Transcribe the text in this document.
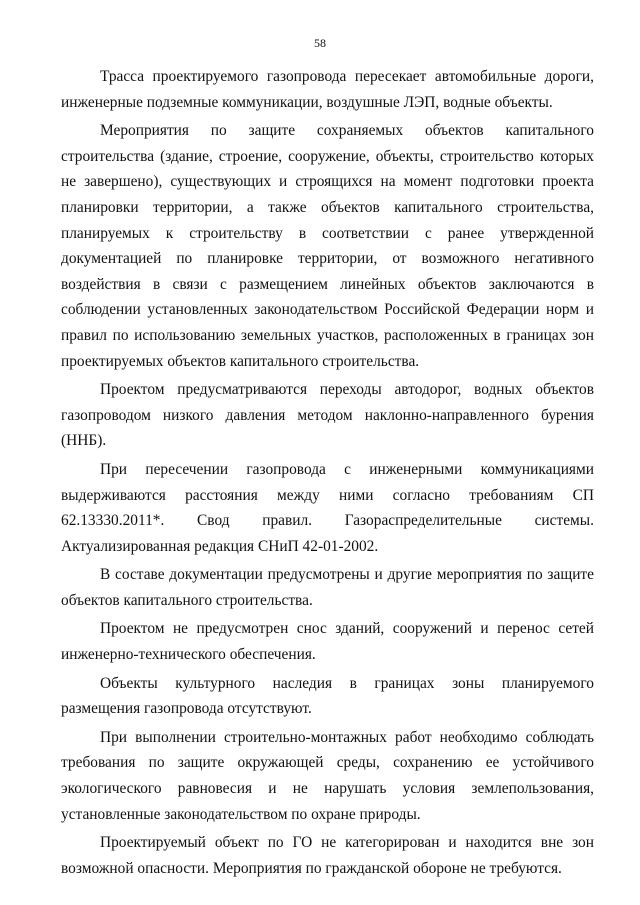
58

Трасса проектируемого газопровода пересекает автомобильные дороги, инженерные подземные коммуникации, воздушные ЛЭП, водные объекты.

Мероприятия по защите сохраняемых объектов капитального строительства (здание, строение, сооружение, объекты, строительство которых не завершено), существующих и строящихся на момент подготовки проекта планировки территории, а также объектов капитального строительства, планируемых к строительству в соответствии с ранее утвержденной документацией по планировке территории, от возможного негативного воздействия в связи с размещением линейных объектов заключаются в соблюдении установленных законодательством Российской Федерации норм и правил по использованию земельных участков, расположенных в границах зон проектируемых объектов капитального строительства.

Проектом предусматриваются переходы автодорог, водных объектов газопроводом низкого давления методом наклонно-направленного бурения (ННБ).

При пересечении газопровода с инженерными коммуникациями выдерживаются расстояния между ними согласно требованиям СП 62.13330.2011*. Свод правил. Газораспределительные системы. Актуализированная редакция СНиП 42-01-2002.

В составе документации предусмотрены и другие мероприятия по защите объектов капитального строительства.

Проектом не предусмотрен снос зданий, сооружений и перенос сетей инженерно-технического обеспечения.

Объекты культурного наследия в границах зоны планируемого размещения газопровода отсутствуют.

При выполнении строительно-монтажных работ необходимо соблюдать требования по защите окружающей среды, сохранению ее устойчивого экологического равновесия и не нарушать условия землепользования, установленные законодательством по охране природы.

Проектируемый объект по ГО не категорирован и находится вне зон возможной опасности. Мероприятия по гражданской обороне не требуются.
